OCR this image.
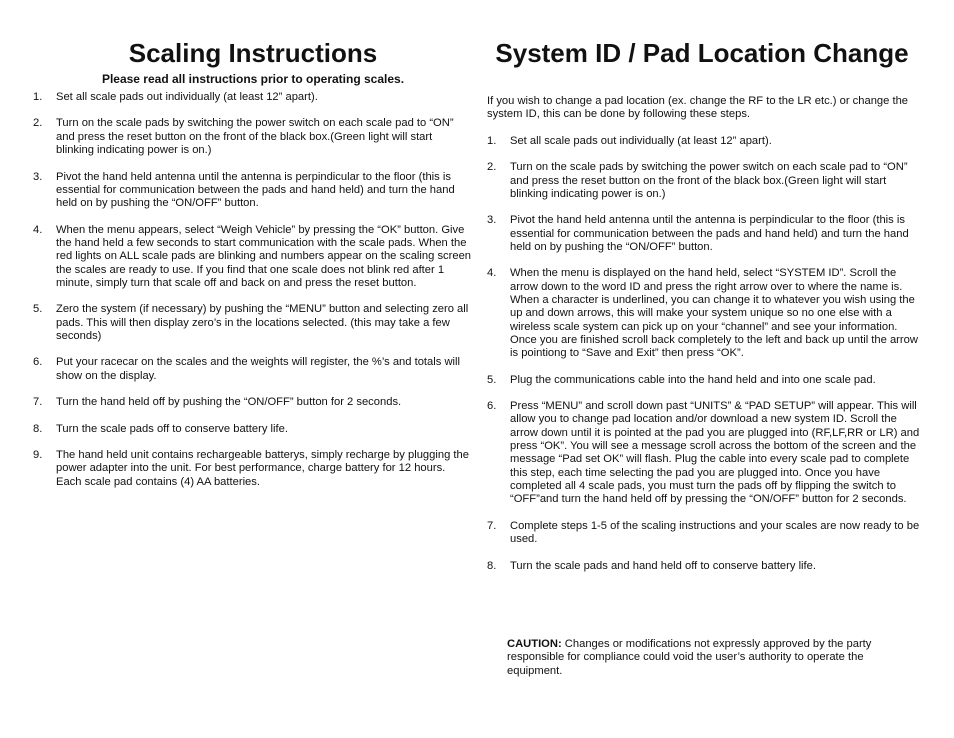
Scaling Instructions
Please read all instructions prior to operating scales.
1. Set all scale pads out individually (at least 12” apart).
2. Turn on the scale pads by switching the power switch on each scale pad to “ON” and press the reset button on the front of the black box.(Green light will start blinking indicating power is on.)
3. Pivot the hand held antenna until the antenna is perpindicular to the floor (this is essential for communication between the pads and hand held) and turn the hand held on by pushing the “ON/OFF” button.
4. When the menu appears, select “Weigh Vehicle” by pressing the “OK” button. Give the hand held a few seconds to start communication with the scale pads. When the red lights on ALL scale pads are blinking and numbers appear on the scaling screen the scales are ready to use. If you find that one scale does not blink red after 1 minute, simply turn that scale off and back on and press the reset button.
5. Zero the system (if necessary) by pushing the “MENU” button and selecting zero all pads. This will then display zero’s in the locations selected. (this may take a few seconds)
6. Put your racecar on the scales and the weights will register, the %’s and totals will show on the display.
7. Turn the hand held off by pushing the “ON/OFF” button for 2 seconds.
8. Turn the scale pads off to conserve battery life.
9. The hand held unit contains rechargeable batterys, simply recharge by plugging the power adapter into the unit. For best performance, charge battery for 12 hours. Each scale pad contains (4) AA batteries.
System ID / Pad Location Change
If you wish to change a pad location (ex. change the RF to the LR etc.) or change the system ID, this can be done by following these steps.
1. Set all scale pads out individually (at least 12” apart).
2. Turn on the scale pads by switching the power switch on each scale pad to “ON” and press the reset button on the front of the black box.(Green light will start blinking indicating power is on.)
3. Pivot the hand held antenna until the antenna is perpindicular to the floor (this is essential for communication between the pads and hand held) and turn the hand held on by pushing the “ON/OFF” button.
4. When the menu is displayed on the hand held, select “SYSTEM ID”. Scroll the arrow down to the word ID and press the right arrow over to where the name is. When a character is underlined, you can change it to whatever you wish using the up and down arrows, this will make your system unique so no one else with a wireless scale system can pick up on your “channel” and see your information. Once you are finished scroll back completely to the left and back up until the arrow is pointiong to “Save and Exit” then press “OK”.
5. Plug the communications cable into the hand held and into one scale pad.
6. Press “MENU” and scroll down past “UNITS” & “PAD SETUP” will appear. This will allow you to change pad location and/or download a new system ID. Scroll the arrow down until it is pointed at the pad you are plugged into (RF,LF,RR or LR) and press “OK”. You will see a message scroll across the bottom of the screen and the message “Pad set OK” will flash. Plug the cable into every scale pad to complete this step, each time selecting the pad you are plugged into. Once you have completed all 4 scale pads, you must turn the pads off by flipping the switch to “OFF”and turn the hand held off by pressing the “ON/OFF” button for 2 seconds.
7. Complete steps 1-5 of the scaling instructions and your scales are now ready to be used.
8. Turn the scale pads and hand held off to conserve battery life.
CAUTION: Changes or modifications not expressly approved by the party responsible for compliance could void the user’s authority to operate the equipment.
